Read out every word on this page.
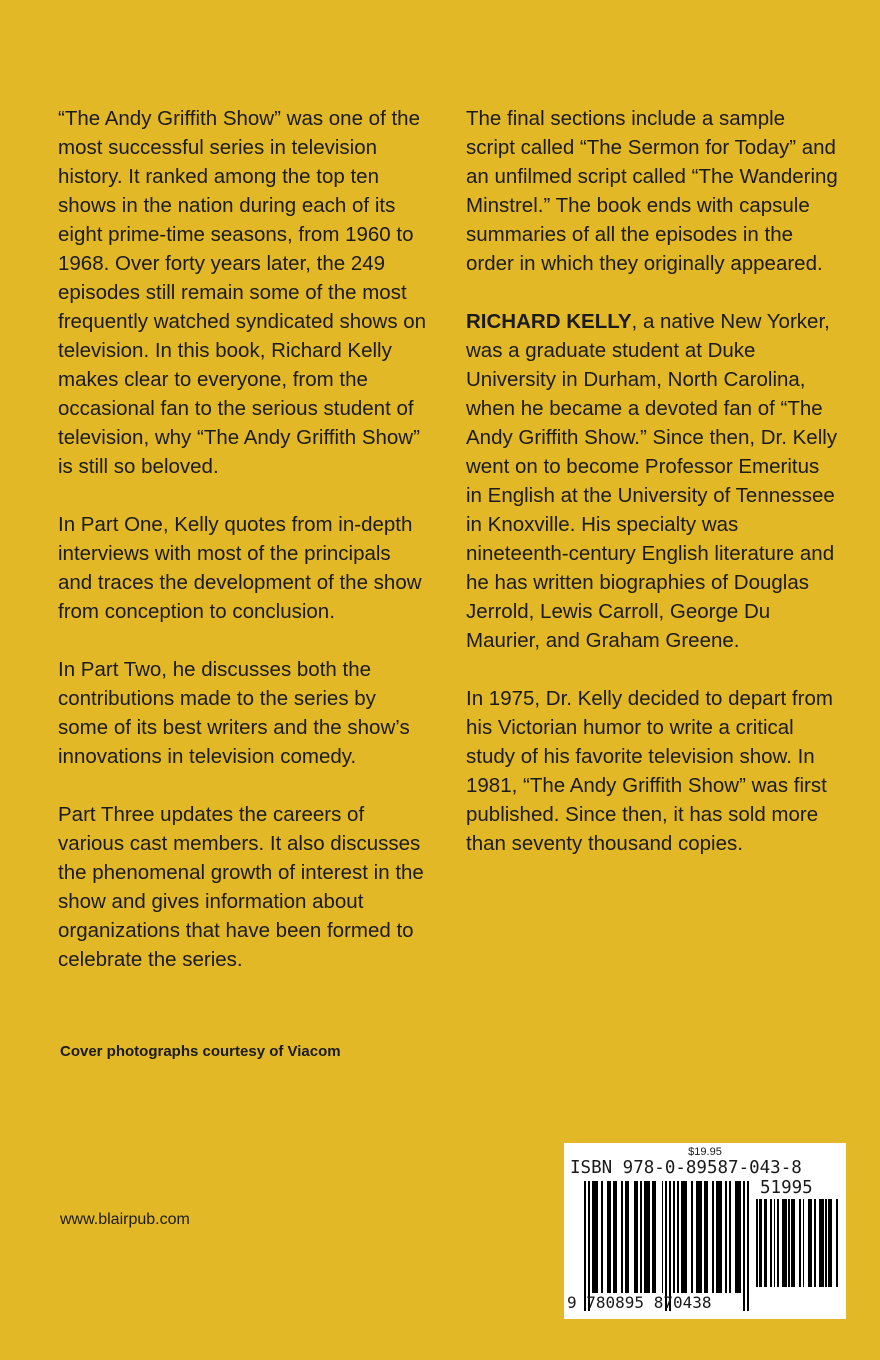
“The Andy Griffith Show” was one of the most successful series in television history. It ranked among the top ten shows in the nation during each of its eight prime-time seasons, from 1960 to 1968. Over forty years later, the 249 episodes still remain some of the most frequently watched syndicated shows on television. In this book, Richard Kelly makes clear to everyone, from the occasional fan to the serious student of television, why “The Andy Griffith Show” is still so beloved.

In Part One, Kelly quotes from in-depth interviews with most of the principals and traces the development of the show from conception to conclusion.

In Part Two, he discusses both the contributions made to the series by some of its best writers and the show’s innovations in television comedy.

Part Three updates the careers of various cast members. It also discusses the phenomenal growth of interest in the show and gives information about organizations that have been formed to celebrate the series.

The final sections include a sample script called “The Sermon for Today” and an unfilmed script called “The Wandering Minstrel.” The book ends with capsule summaries of all the episodes in the order in which they originally appeared.

RICHARD KELLY, a native New Yorker, was a graduate student at Duke University in Durham, North Carolina, when he became a devoted fan of “The Andy Griffith Show.” Since then, Dr. Kelly went on to become Professor Emeritus in English at the University of Tennessee in Knoxville. His specialty was nineteenth-century English literature and he has written biographies of Douglas Jerrold, Lewis Carroll, George Du Maurier, and Graham Greene.

In 1975, Dr. Kelly decided to depart from his Victorian humor to write a critical study of his favorite television show. In 1981, “The Andy Griffith Show” was first published. Since then, it has sold more than seventy thousand copies.

Cover photographs courtesy of Viacom
www.blairpub.com
$19.95
ISBN 978-0-89587-043-8
51995
9 780895 870438
